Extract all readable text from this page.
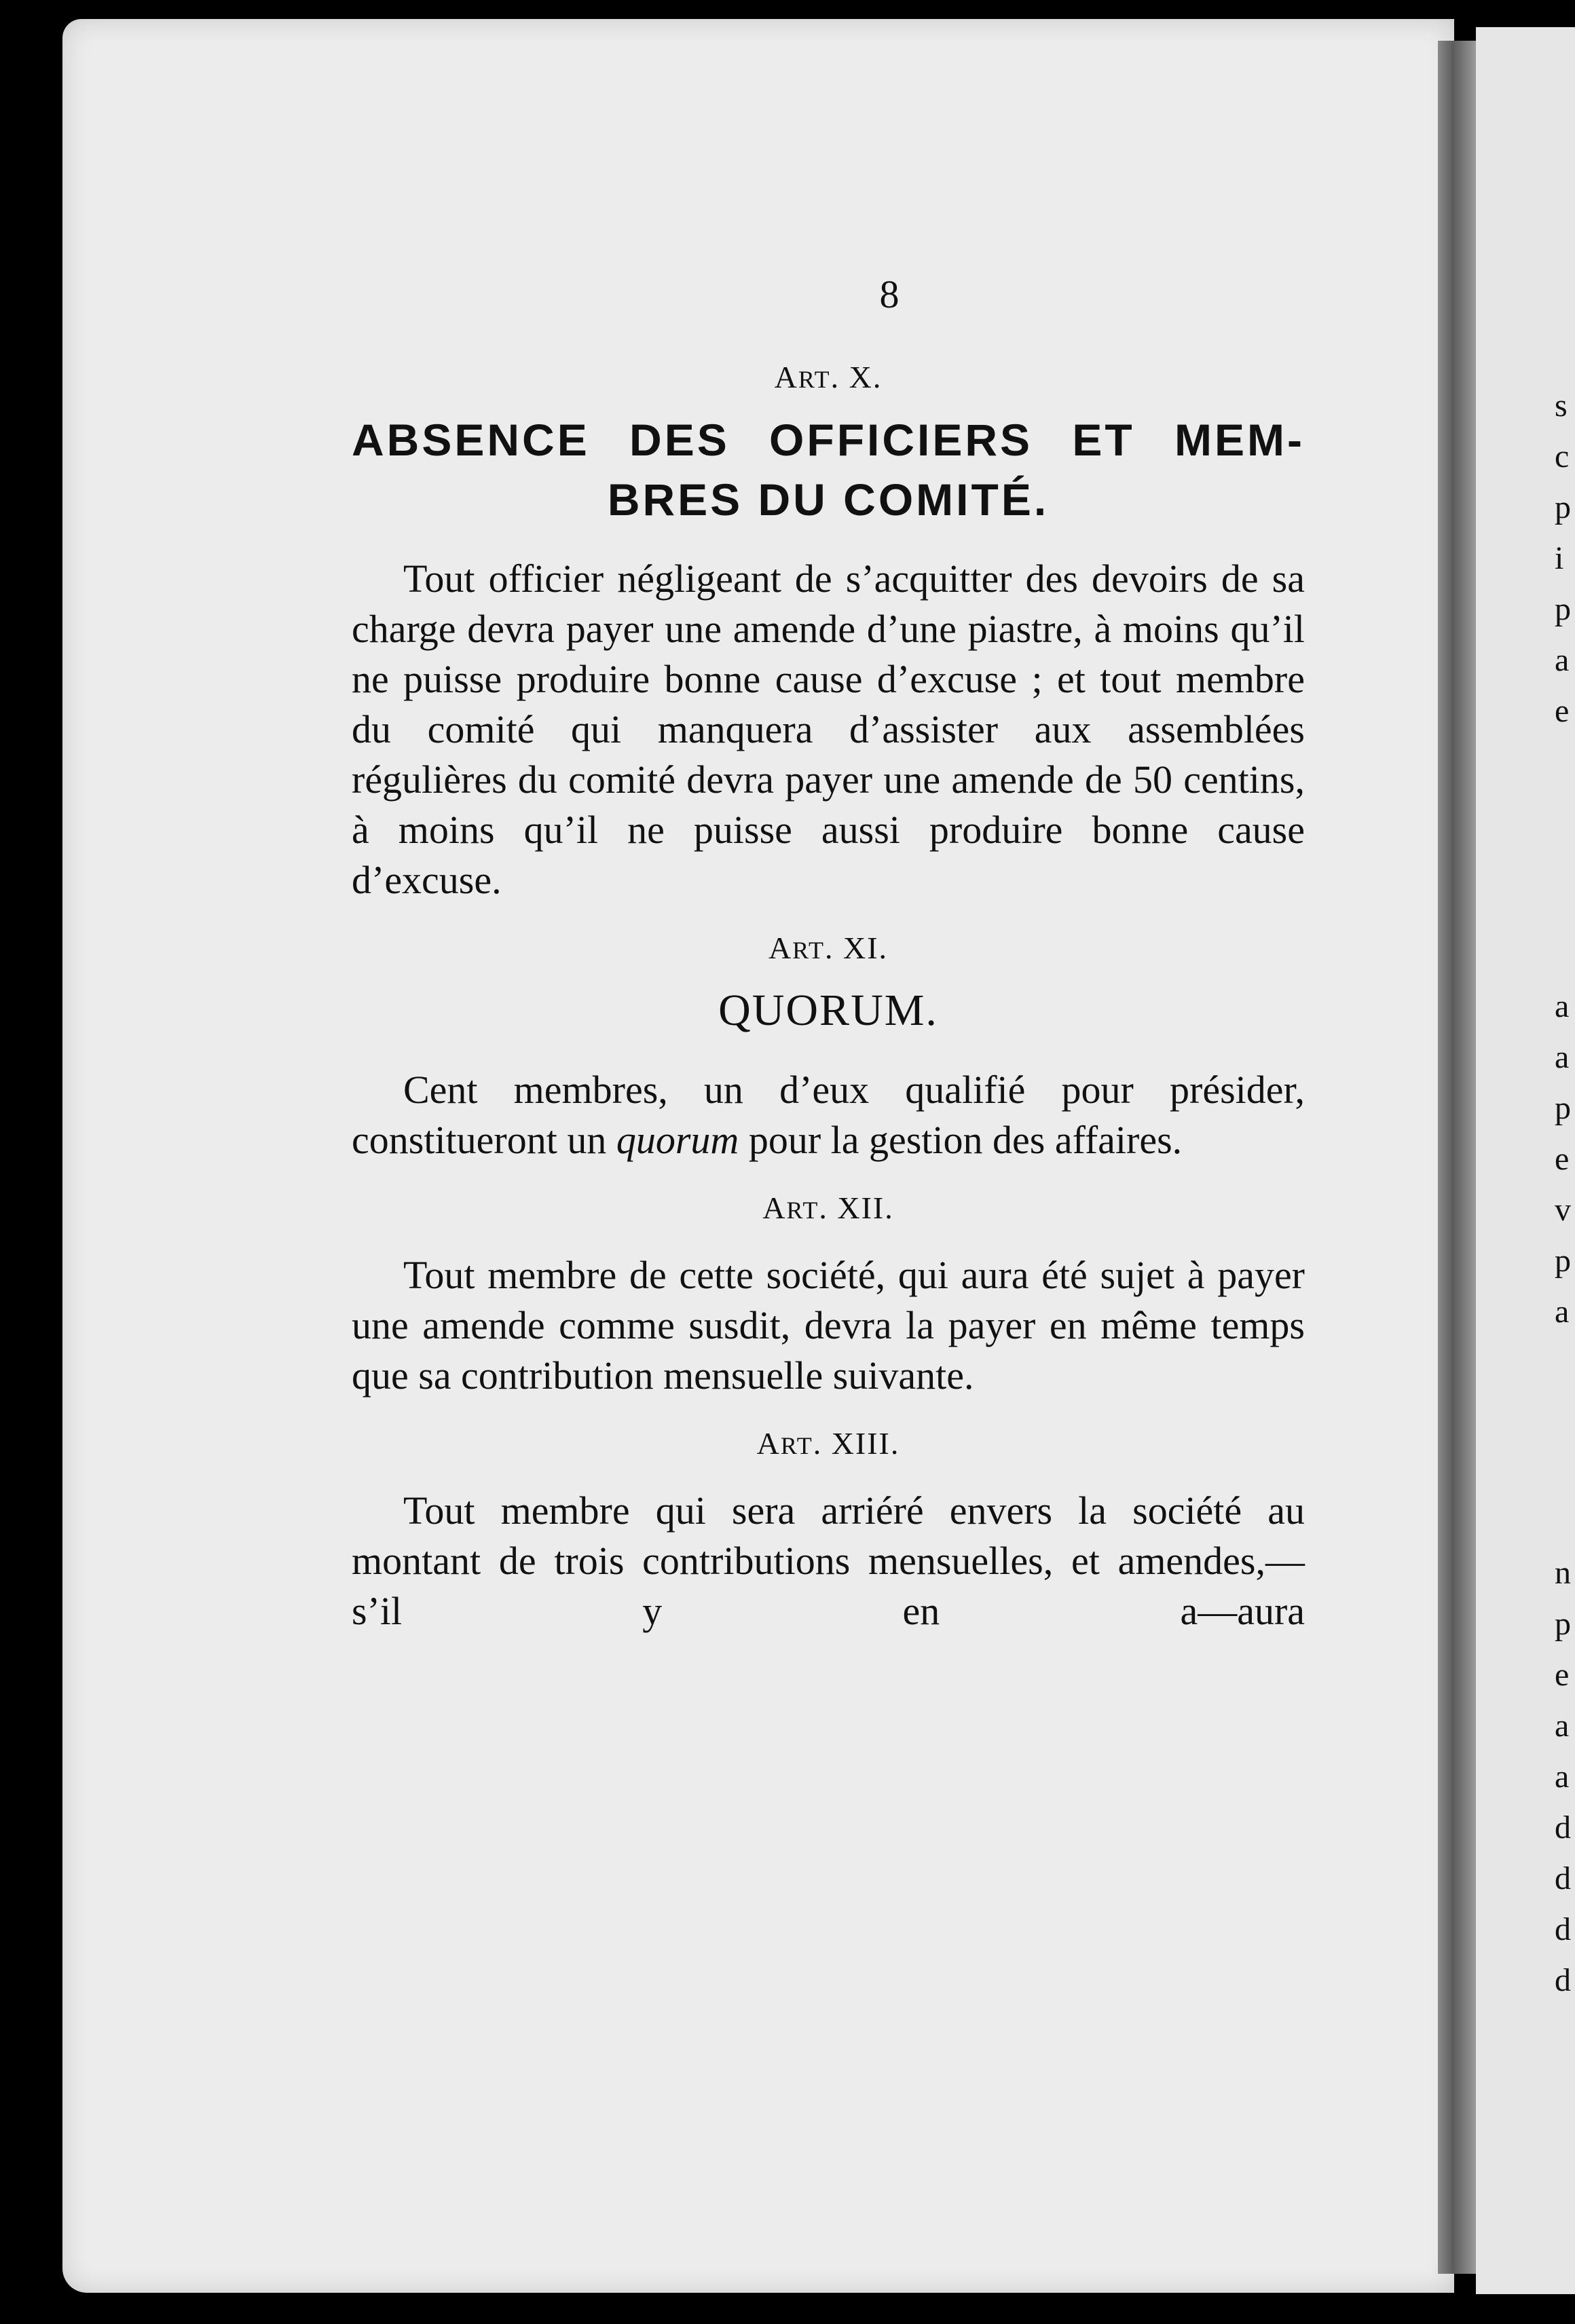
s
c
p
i
p
a
e
a
a
p
e
v
p
a
n
p
e
a
a
d
d
d
d
8
ART. X.
ABSENCE DES OFFICIERS ET MEM-
BRES DU COMITÉ.

Tout officier négligeant de s’acquitter des devoirs de sa charge devra payer une amende d’une piastre, à moins qu’il ne puisse produire bonne cause d’excuse ; et tout membre du comité qui manquera d’assister aux assemblées régulières du comité devra payer une amende de 50 centins, à moins qu’il ne puisse aussi produire bonne cause d’excuse.

ART. XI.
QUORUM.

Cent membres, un d’eux qualifié pour présider, constitueront un quorum pour la gestion des affaires.

ART. XII.

Tout membre de cette société, qui aura été sujet à payer une amende comme susdit, devra la payer en même temps que sa contribution mensuelle suivante.

ART. XIII.

Tout membre qui sera arriéré envers la société au montant de trois contributions mensuelles, et amendes,—s’il y en a—aura
